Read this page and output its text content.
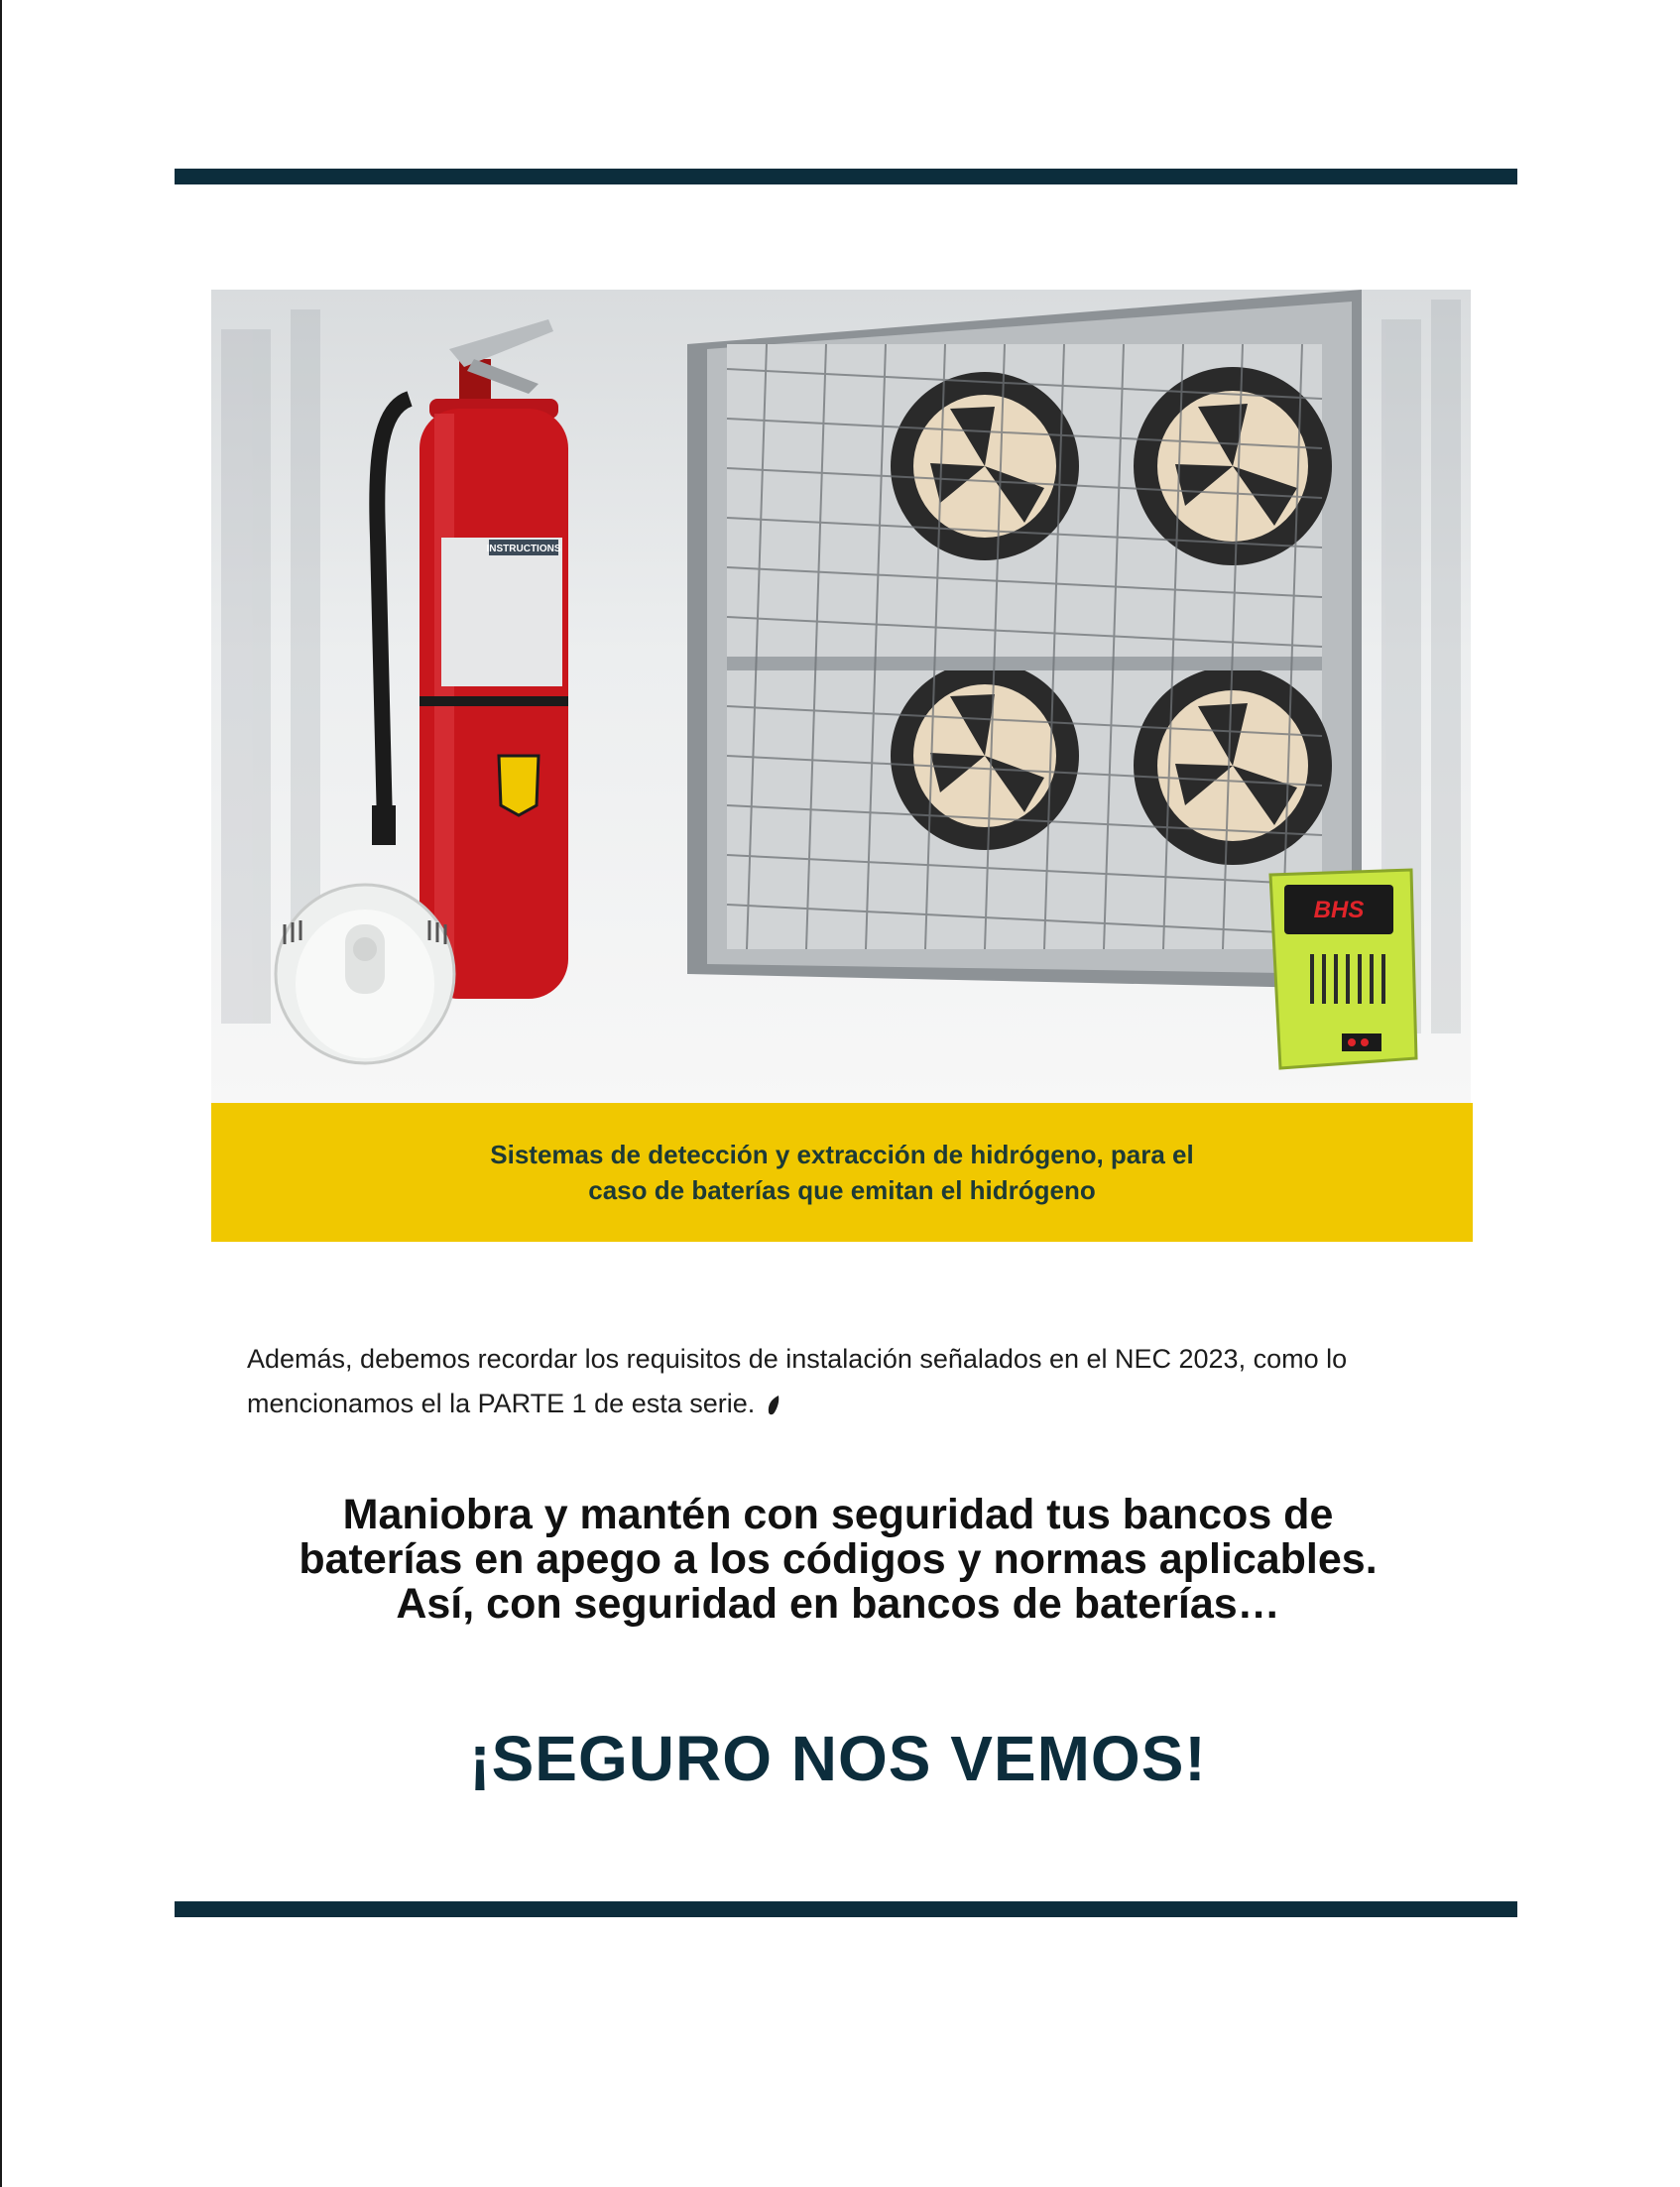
INSTRUCTIONS
BHS
Sistemas de detección y extracción de hidrógeno, para el
caso de baterías que emitan el hidrógeno
Además, debemos recordar los requisitos de instalación señalados en el NEC 2023, como lo mencionamos el la PARTE 1 de esta serie.
Maniobra y mantén con seguridad tus bancos de
baterías en apego a los códigos y normas aplicables.
Así, con seguridad en bancos de baterías…
¡SEGURO NOS VEMOS!
